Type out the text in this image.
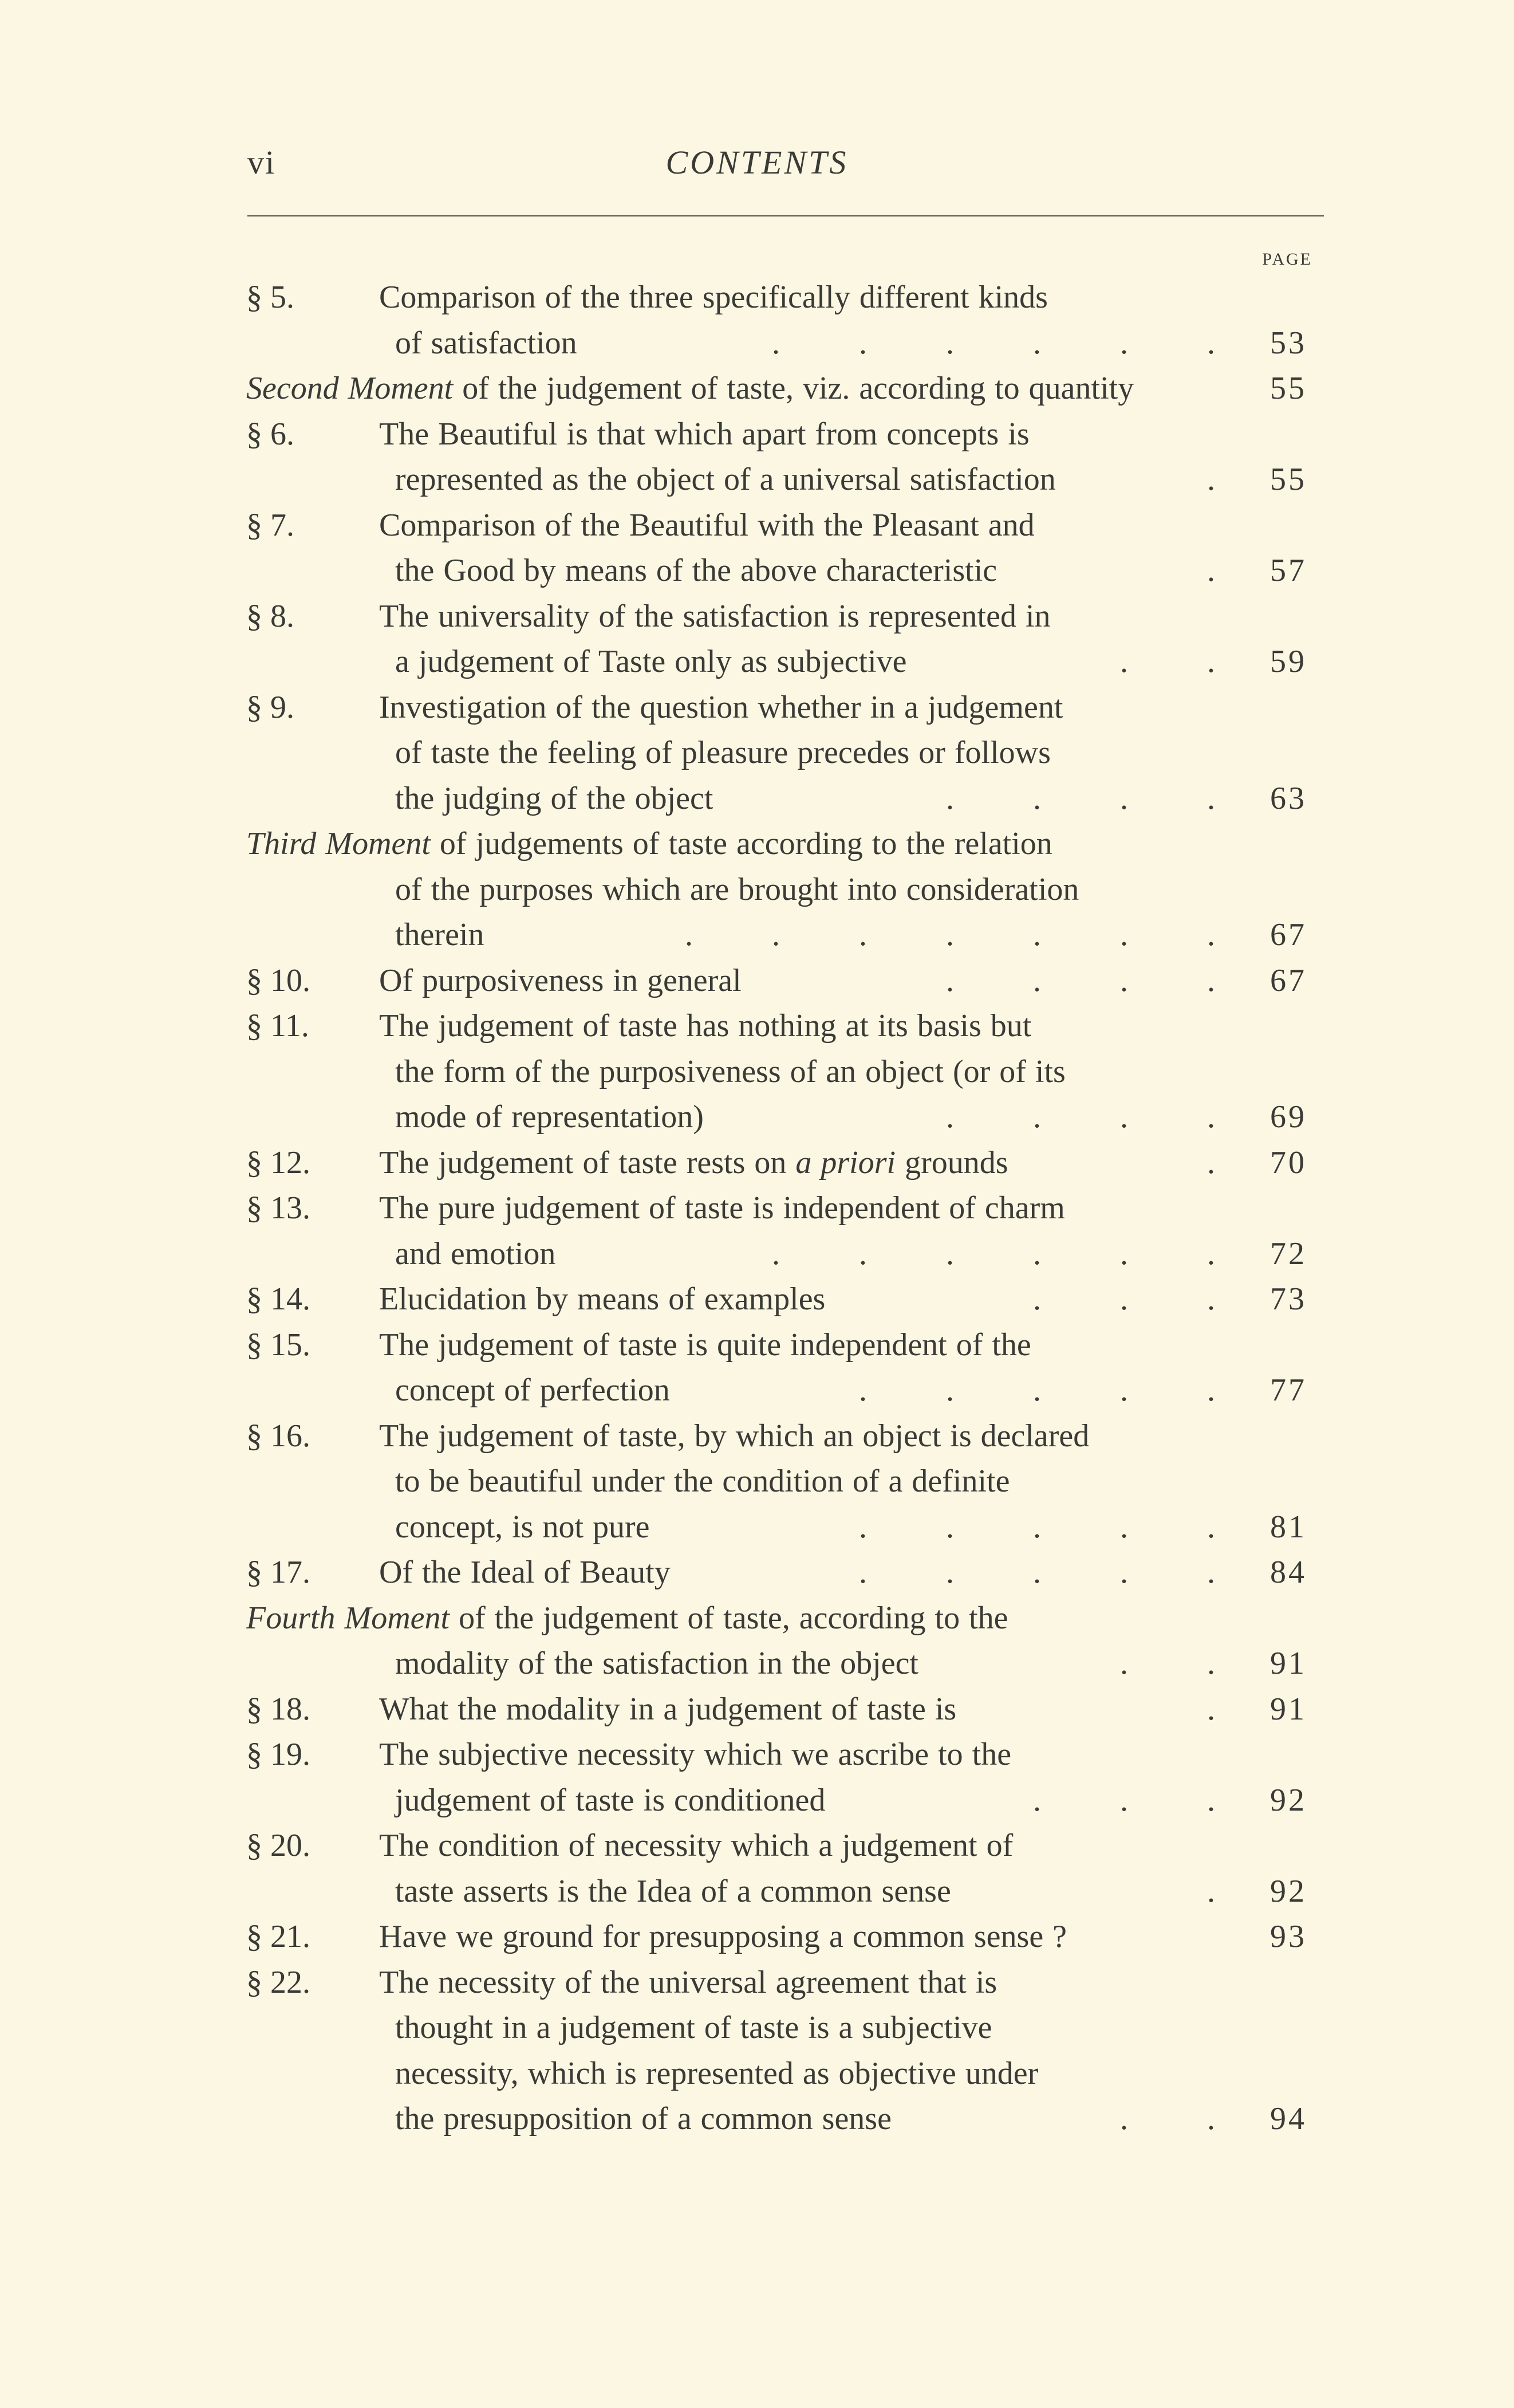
vi	CONTENTS
PAGE
§ 5.	Comparison of the three specifically different kinds
of satisfaction	.	.	.	.	.	.	53
Second Moment of the judgement of taste, viz. according to quantity	55
§ 6.	The Beautiful is that which apart from concepts is
represented as the object of a universal satisfaction	.	55
§ 7.	Comparison of the Beautiful with the Pleasant and
the Good by means of the above characteristic	.	57
§ 8.	The universality of the satisfaction is represented in
a judgement of Taste only as subjective	.	.	59
§ 9.	Investigation of the question whether in a judgement
of taste the feeling of pleasure precedes or follows
the judging of the object	.	.	.	.	63
Third Moment of judgements of taste according to the relation
of the purposes which are brought into consideration
therein	.	.	.	.	.	.	.	67
§ 10.	Of purposiveness in general	.	.	.	.	67
§ 11.	The judgement of taste has nothing at its basis but
the form of the purposiveness of an object (or of its
mode of representation)	.	.	.	.	69
§ 12.	The judgement of taste rests on a priori grounds	.	70
§ 13.	The pure judgement of taste is independent of charm
and emotion	.	.	.	.	.	.	72
§ 14.	Elucidation by means of examples	.	.	.	73
§ 15.	The judgement of taste is quite independent of the
concept of perfection	.	.	.	.	.	77
§ 16.	The judgement of taste, by which an object is declared
to be beautiful under the condition of a definite
concept, is not pure	.	.	.	.	.	81
§ 17.	Of the Ideal of Beauty	.	.	.	.	.	84
Fourth Moment of the judgement of taste, according to the
modality of the satisfaction in the object	.	.	91
§ 18.	What the modality in a judgement of taste is	.	91
§ 19.	The subjective necessity which we ascribe to the
judgement of taste is conditioned	.	.	.	92
§ 20.	The condition of necessity which a judgement of
taste asserts is the Idea of a common sense	.	92
§ 21.	Have we ground for presupposing a common sense ?	93
§ 22.	The necessity of the universal agreement that is
thought in a judgement of taste is a subjective
necessity, which is represented as objective under
the presupposition of a common sense	.	.	94
